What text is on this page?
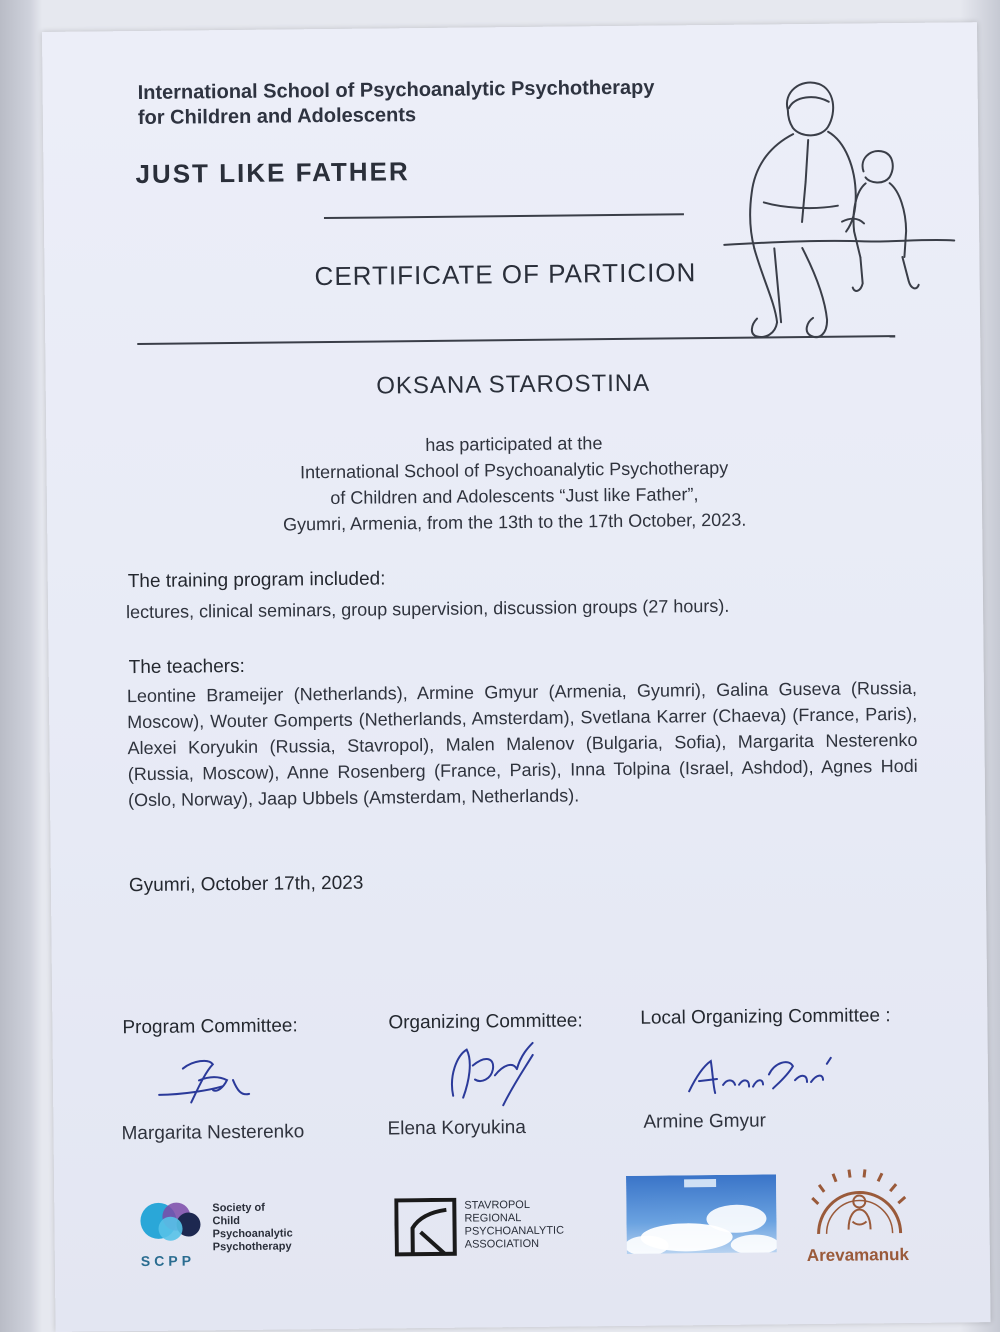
International School of Psychoanalytic Psychotherapy
for Children and Adolescents
JUST LIKE FATHER
CERTIFICATE OF PARTICION
OKSANA STAROSTINA
has participated at the
International School of Psychoanalytic Psychotherapy
of Children and Adolescents “Just like Father”,
Gyumri, Armenia, from the 13th to the 17th October, 2023.
The training program included:
lectures, clinical seminars, group supervision, discussion groups (27 hours).
The teachers:
Leontine Brameijer (Netherlands), Armine Gmyur (Armenia, Gyumri), Galina Guseva (Russia, Moscow), Wouter Gomperts (Netherlands, Amsterdam), Svetlana Karrer (Chaeva) (France, Paris), Alexei Koryukin (Russia, Stavropol), Malen Malenov (Bulgaria, Sofia), Margarita Nesterenko (Russia, Moscow), Anne Rosenberg (France, Paris), Inna Tolpina (Israel, Ashdod), Agnes Hodi (Oslo, Norway), Jaap Ubbels (Amsterdam, Netherlands).
Gyumri, October 17th, 2023
Program Committee:	Organizing Committee:	Local Organizing Committee :
Margarita Nesterenko	Elena Koryukina	Armine Gmyur
SCPP
Society of
Child
Psychoanalytic
Psychotherapy
STAVROPOL
REGIONAL
PSYCHOANALYTIC
ASSOCIATION
Arevamanuk
